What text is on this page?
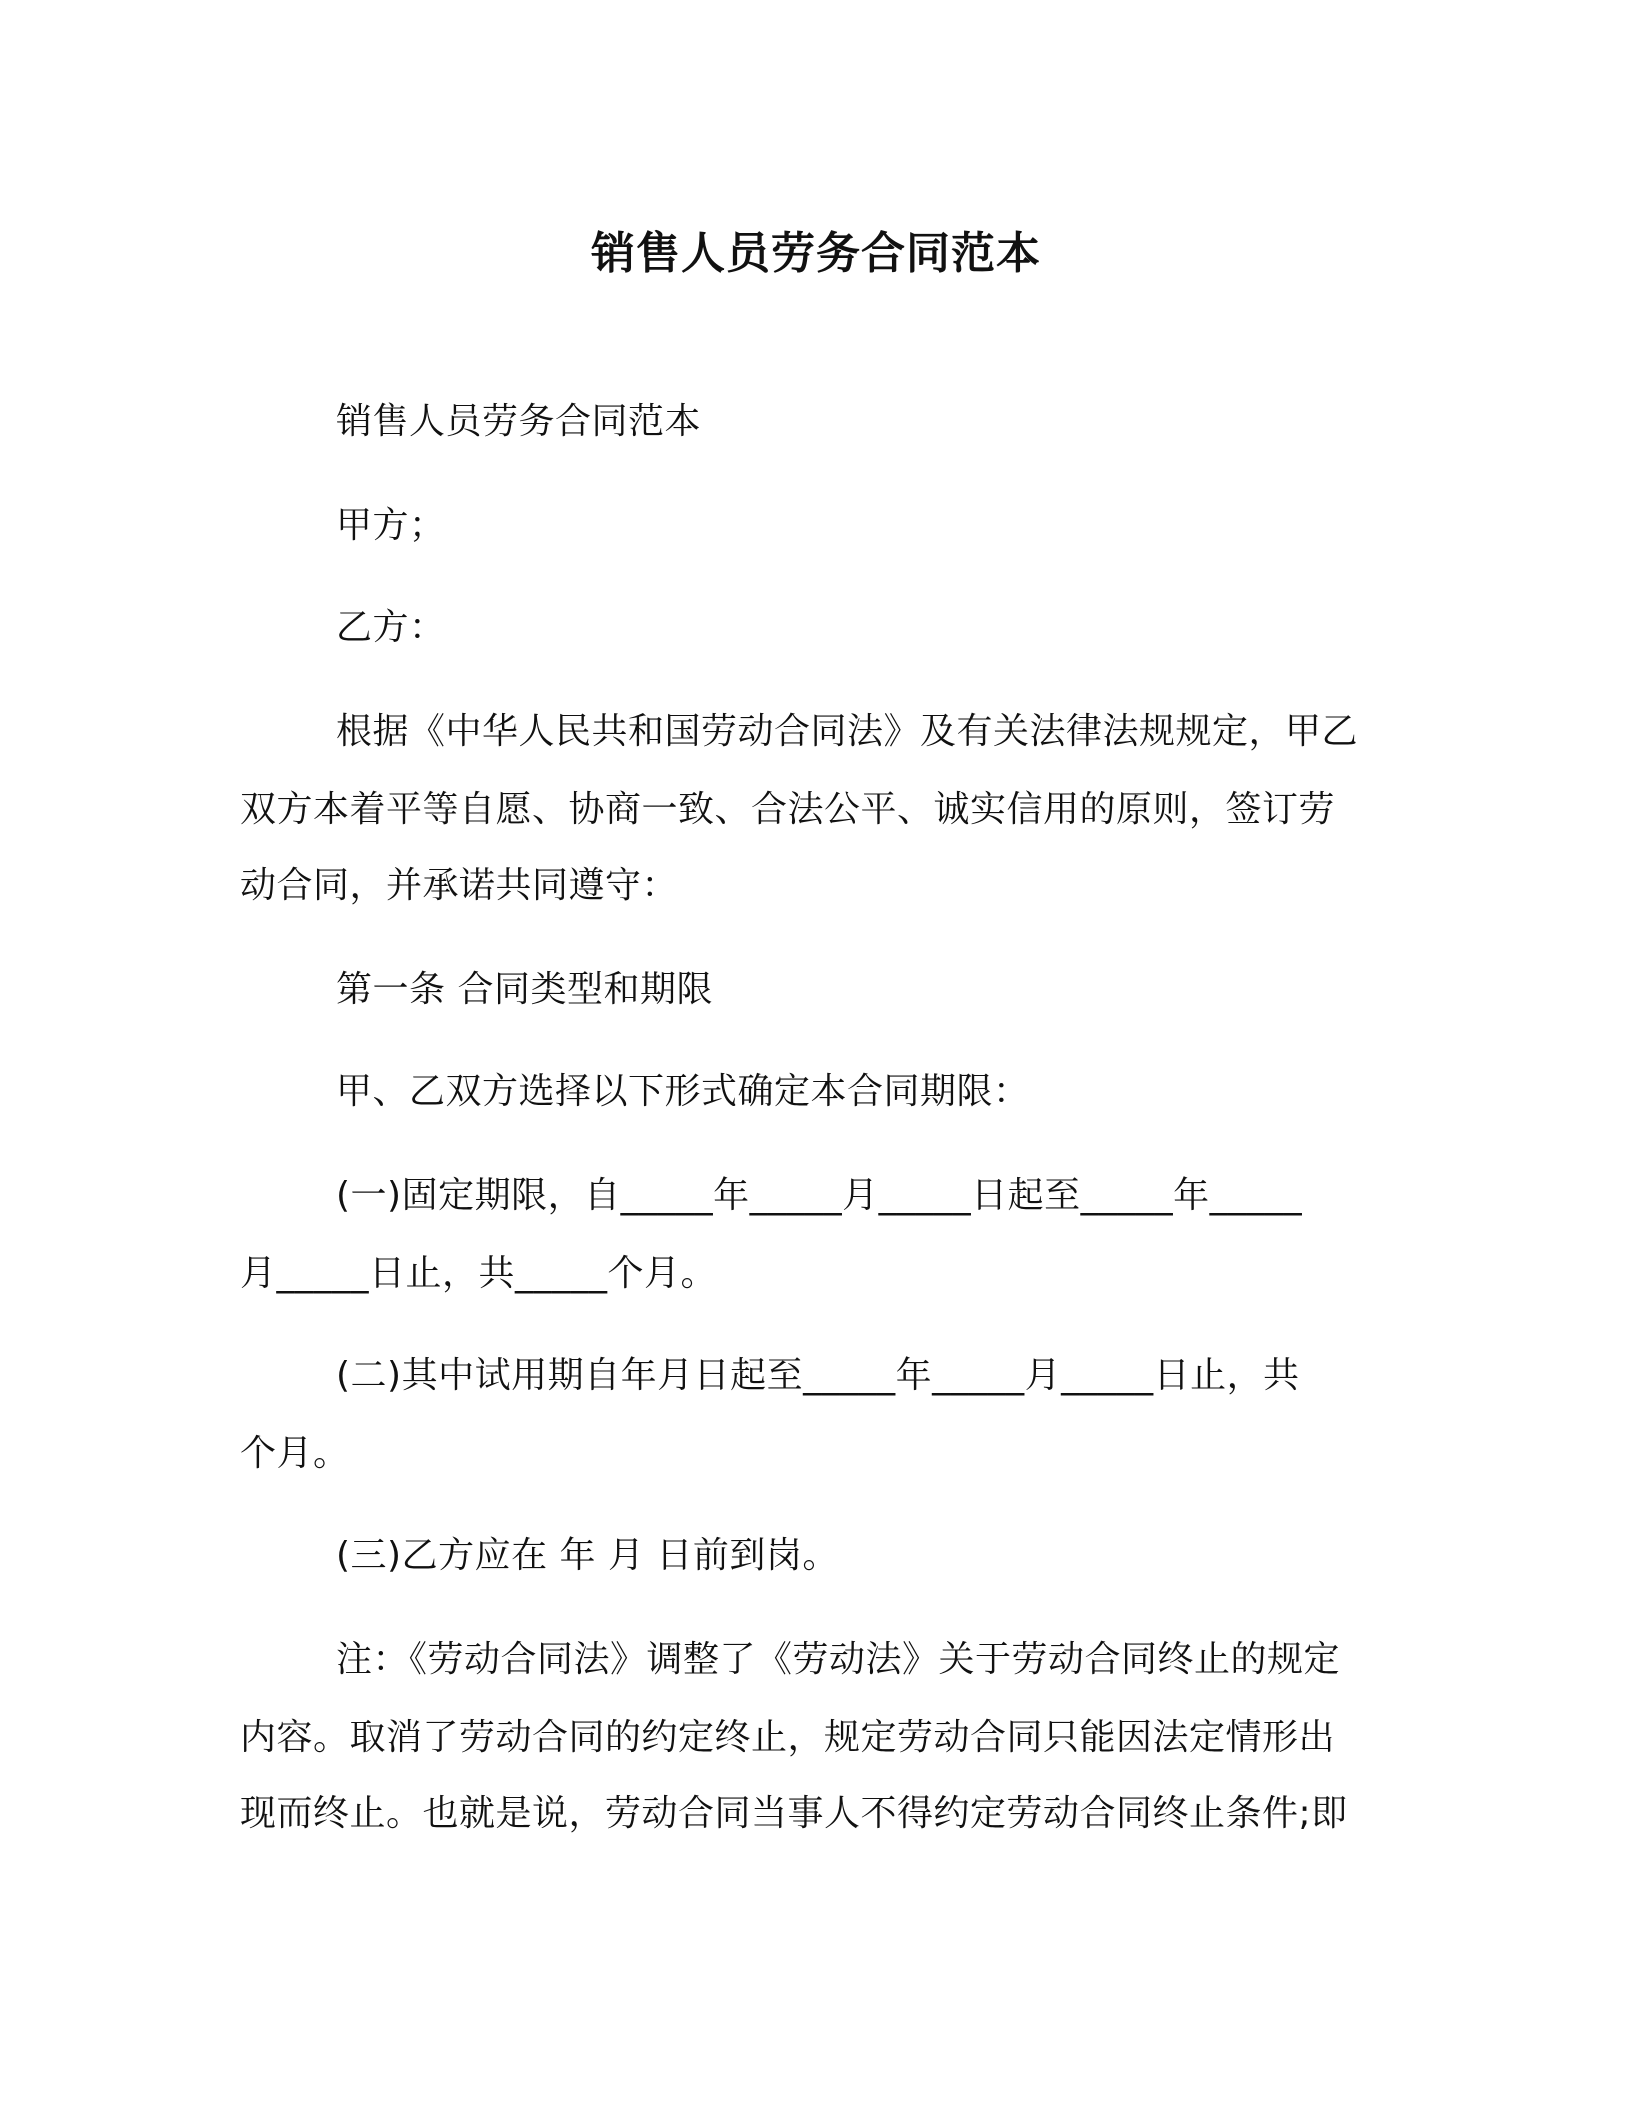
销售人员劳务合同范本
销售人员劳务合同范本
甲方；
乙方：
根据《中华人民共和国劳动合同法》及有关法律法规规定，甲乙
双方本着平等自愿、协商一致、合法公平、诚实信用的原则，签订劳
动合同，并承诺共同遵守：
第一条 合同类型和期限
甲、乙双方选择以下形式确定本合同期限：
(一)固定期限，自_____年_____月_____日起至_____年_____
月_____日止，共_____个月。
(二)其中试用期自年月日起至_____年_____月_____日止，共
个月。
(三)乙方应在 年 月 日前到岗。
注：《劳动合同法》调整了《劳动法》关于劳动合同终止的规定
内容。取消了劳动合同的约定终止，规定劳动合同只能因法定情形出
现而终止。也就是说，劳动合同当事人不得约定劳动合同终止条件;即
